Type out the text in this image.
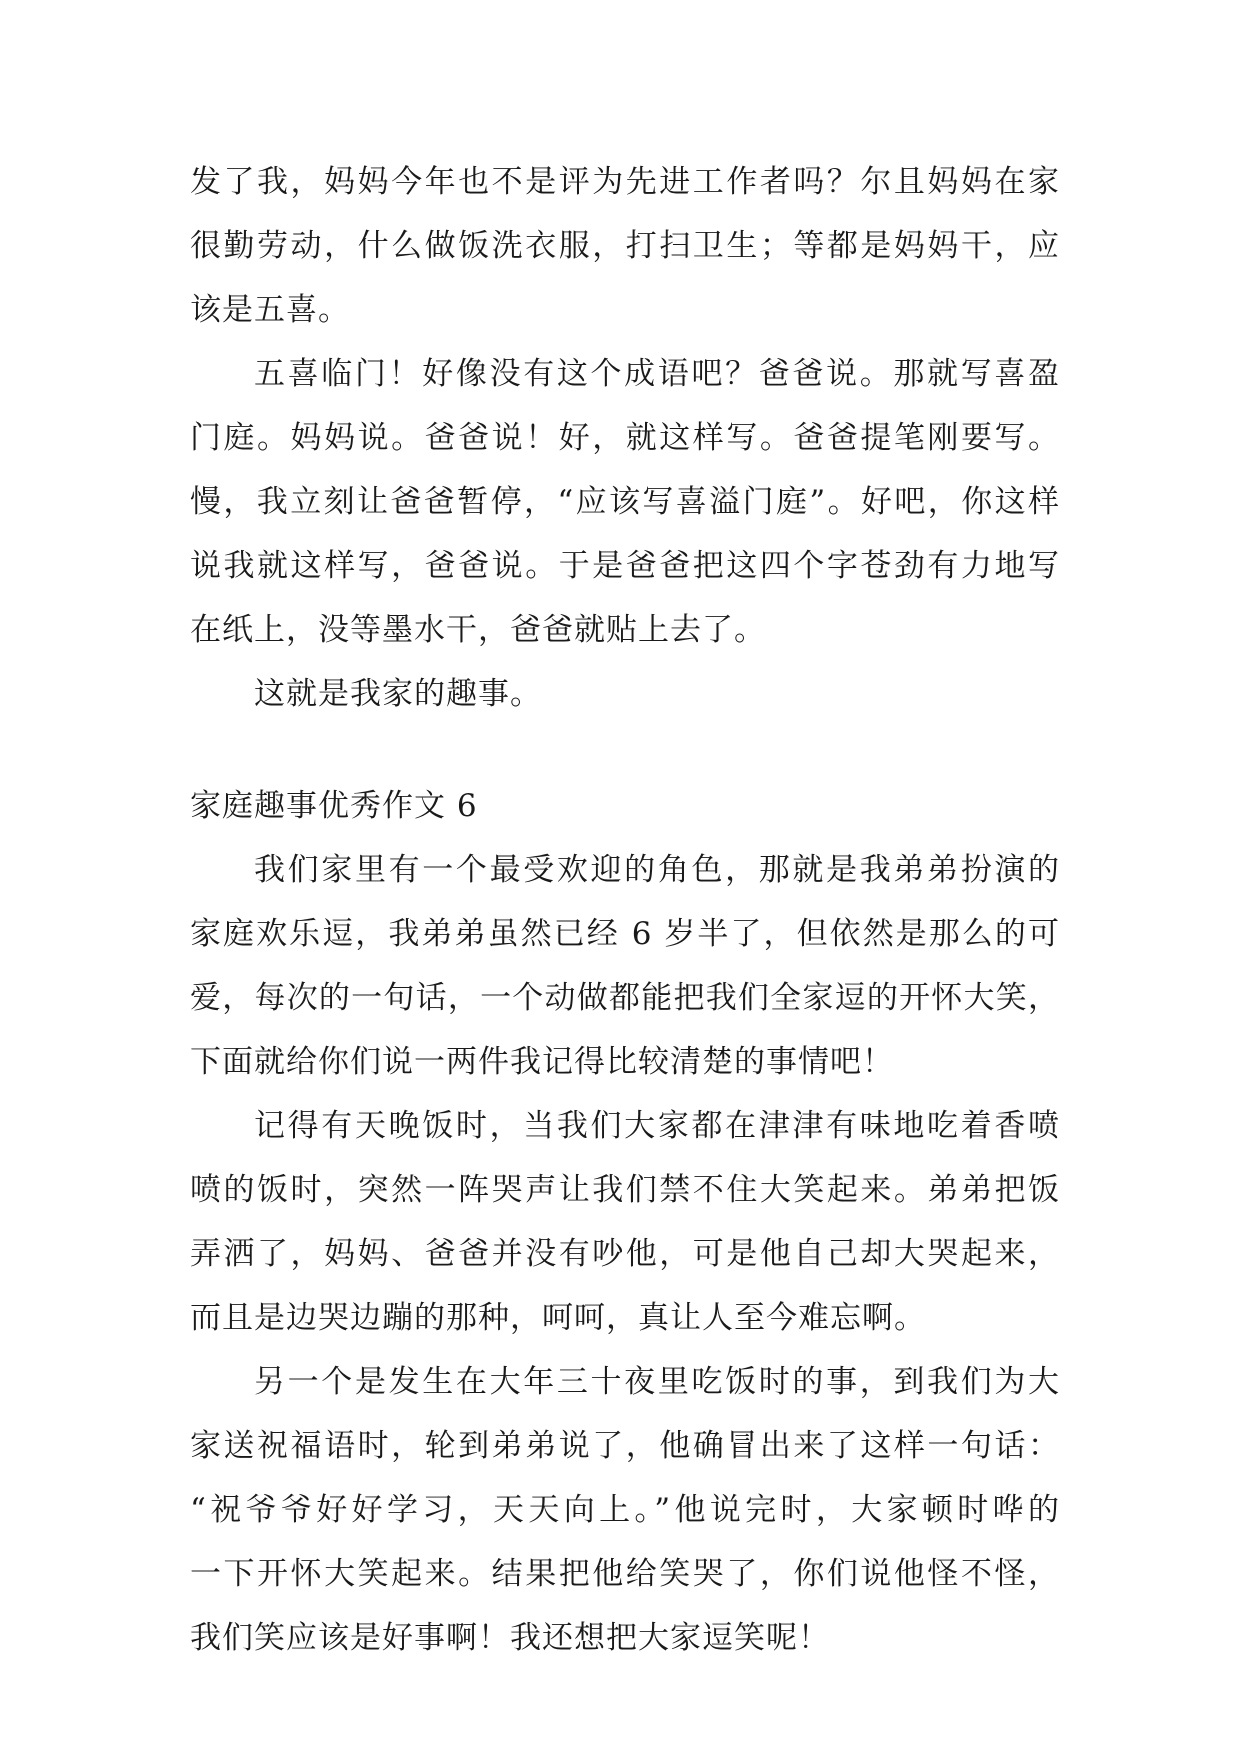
发了我，妈妈今年也不是评为先进工作者吗？尔且妈妈在家
很勤劳动，什么做饭洗衣服，打扫卫生；等都是妈妈干，应
该是五喜。
五喜临门！好像没有这个成语吧？爸爸说。那就写喜盈
门庭。妈妈说。爸爸说！好，就这样写。爸爸提笔刚要写。
慢，我立刻让爸爸暂停，“应该写喜溢门庭”。好吧，你这样
说我就这样写，爸爸说。于是爸爸把这四个字苍劲有力地写
在纸上，没等墨水干，爸爸就贴上去了。
这就是我家的趣事。
家庭趣事优秀作文 6
我们家里有一个最受欢迎的角色，那就是我弟弟扮演的
家庭欢乐逗，我弟弟虽然已经 6 岁半了，但依然是那么的可
爱，每次的一句话，一个动做都能把我们全家逗的开怀大笑，
下面就给你们说一两件我记得比较清楚的事情吧！
记得有天晚饭时，当我们大家都在津津有味地吃着香喷
喷的饭时，突然一阵哭声让我们禁不住大笑起来。弟弟把饭
弄洒了，妈妈、爸爸并没有吵他，可是他自己却大哭起来，
而且是边哭边蹦的那种，呵呵，真让人至今难忘啊。
另一个是发生在大年三十夜里吃饭时的事，到我们为大
家送祝福语时，轮到弟弟说了，他确冒出来了这样一句话：
“祝爷爷好好学习，天天向上。”他说完时，大家顿时哗的
一下开怀大笑起来。结果把他给笑哭了，你们说他怪不怪，
我们笑应该是好事啊！我还想把大家逗笑呢！
